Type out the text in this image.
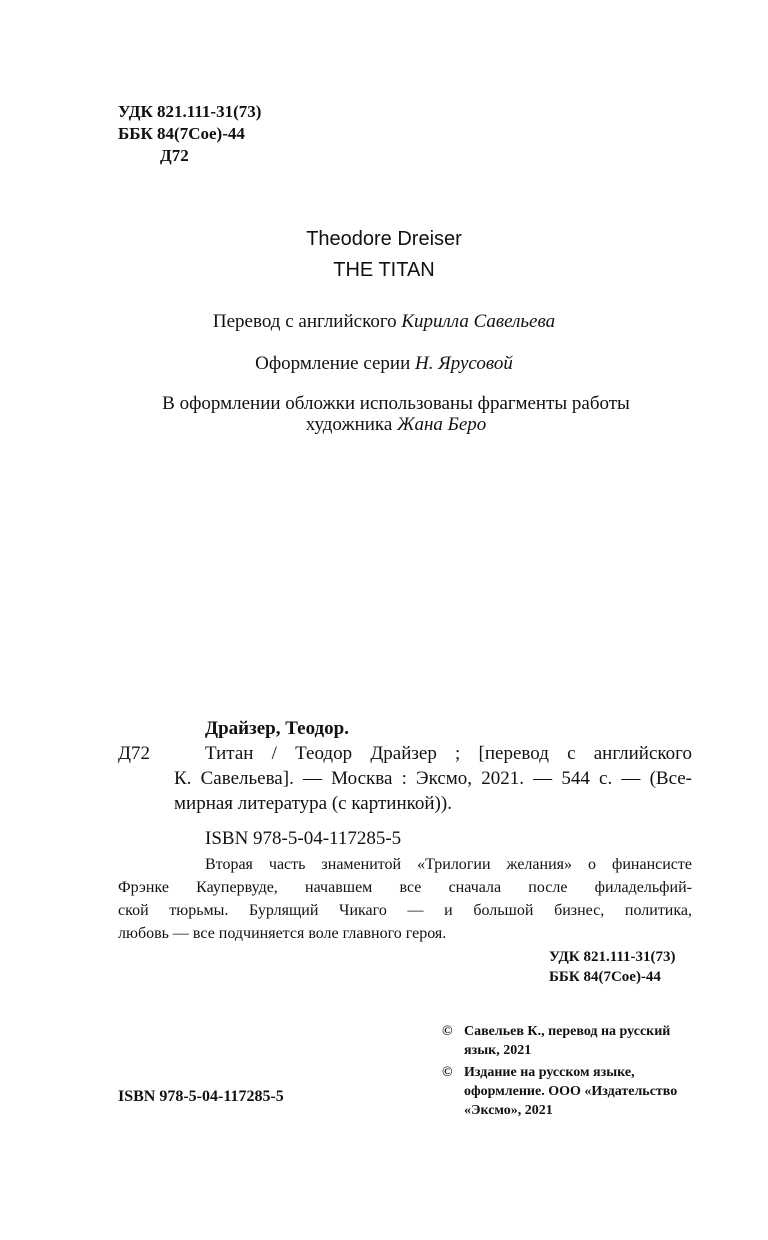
УДК 821.111-31(73)
ББК 84(7Сое)-44
Д72
Theodore Dreiser
THE TITAN
Перевод с английского Кирилла Савельева
Оформление серии Н. Ярусовой
В оформлении обложки использованы фрагменты работы
художника Жана Беро
Драйзер, Теодор.
Д72	Титан / Теодор Драйзер ; [перевод с английского
К. Савельева]. — Москва : Эксмо, 2021. — 544 с. — (Все-
мирная литература (с картинкой)).
ISBN 978-5-04-117285-5
Вторая часть знаменитой «Трилогии желания» о финансисте
Фрэнке Каупервуде, начавшем все сначала после филадельфий-
ской тюрьмы. Бурлящий Чикаго — и большой бизнес, политика,
любовь — все подчиняется воле главного героя.
УДК 821.111-31(73)
ББК 84(7Сое)-44
© Савельев К., перевод на русский
язык, 2021
© Издание на русском языке,
оформление. ООО «Издательство
«Эксмо», 2021
ISBN 978-5-04-117285-5
